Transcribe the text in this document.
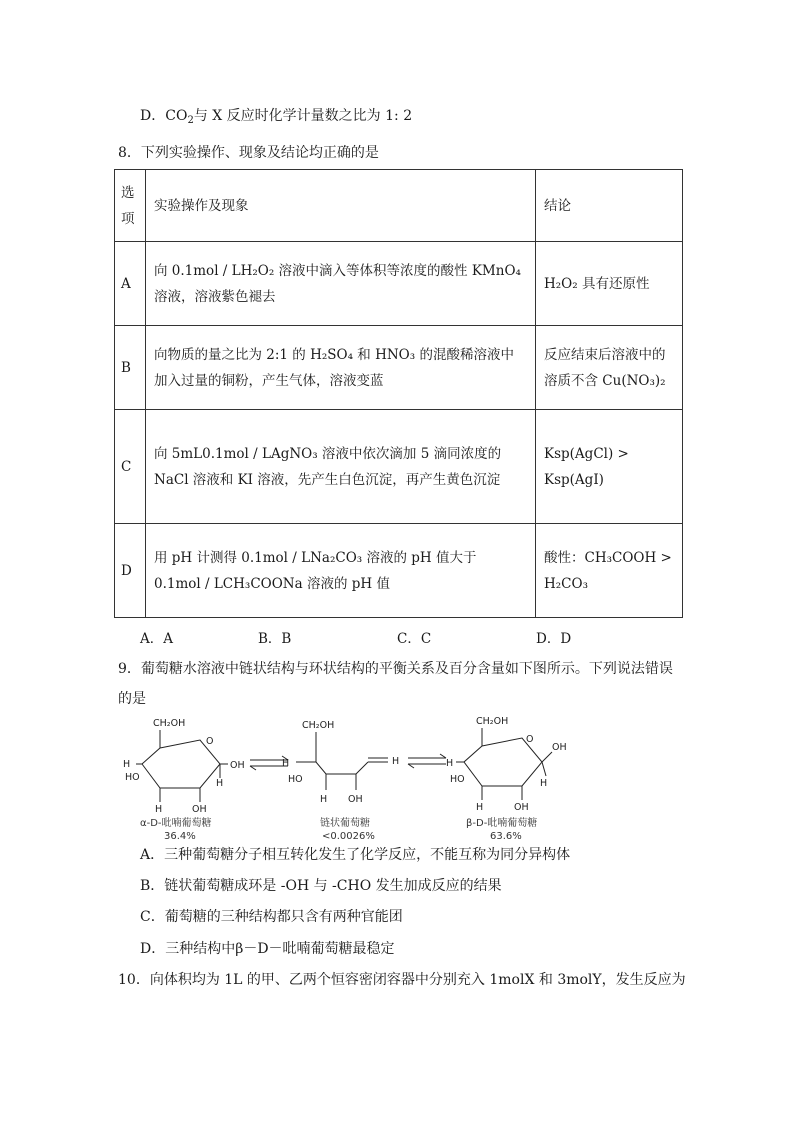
D．$CO_2$与 X 反应时化学计量数之比为 1: 2
8．下列实验操作、现象及结论均正确的是
选项	实验操作及现象	结论
A	向 0.1mol / LH₂O₂ 溶液中滴入等体积等浓度的酸性 KMnO₄ 溶液，溶液紫色褪去	H₂O₂ 具有还原性
B	向物质的量之比为 2:1 的 H₂SO₄ 和 HNO₃ 的混酸稀溶液中加入过量的铜粉，产生气体，溶液变蓝	反应结束后溶液中的溶质不含 Cu(NO₃)₂
C	向 5mL0.1mol / LAgNO₃ 溶液中依次滴加 5 滴同浓度的 NaCl 溶液和 KI 溶液，先产生白色沉淀，再产生黄色沉淀	Ksp(AgCl) > Ksp(AgI)
D	用 pH 计测得 0.1mol / LNa₂CO₃ 溶液的 pH 值大于 0.1mol / LCH₃COONa 溶液的 pH 值	酸性：CH₃COOH > H₂CO₃
A．A	B．B	C．C	D．D
9．葡萄糖水溶液中链状结构与环状结构的平衡关系及百分含量如下图所示。下列说法错误
的是
CH₂OH
H
O
OH
H
HO
H	OH
CH₂OH
H
HO
H OH
H
CH₂OH
H
O
OH
H
HO
H	OH
α-D-吡喃葡萄糖
36.4%
链状葡萄糖
<0.0026%
β-D-吡喃葡萄糖
63.6%
A．三种葡萄糖分子相互转化发生了化学反应，不能互称为同分异构体
B．链状葡萄糖成环是 -OH 与 -CHO 发生加成反应的结果
C．葡萄糖的三种结构都只含有两种官能团
D．三种结构中β－D－吡喃葡萄糖最稳定
10．向体积均为 1L 的甲、乙两个恒容密闭容器中分别充入 1molX 和 3molY，发生反应为
